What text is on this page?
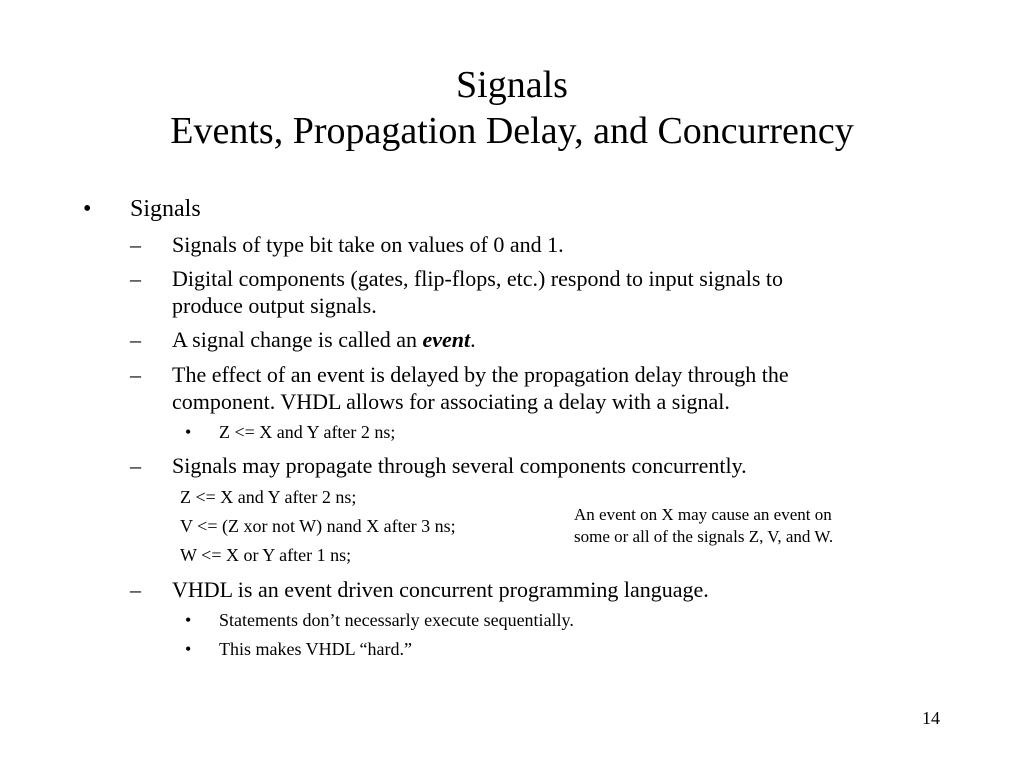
Signals
Events, Propagation Delay, and Concurrency
• Signals
– Signals of type bit take on values of 0 and 1.
– Digital components (gates, flip-flops, etc.) respond to input signals to
produce output signals.
– A signal change is called an event.
– The effect of an event is delayed by the propagation delay through the
component. VHDL allows for associating a delay with a signal.
• Z <= X and Y after 2 ns;
– Signals may propagate through several components concurrently.
Z <= X and Y after 2 ns;
V <= (Z xor not W) nand X after 3 ns;
W <= X or Y after 1 ns;
An event on X may cause an event on
some or all of the signals Z, V, and W.
– VHDL is an event driven concurrent programming language.
• Statements don’t necessarly execute sequentially.
• This makes VHDL “hard.”
14
